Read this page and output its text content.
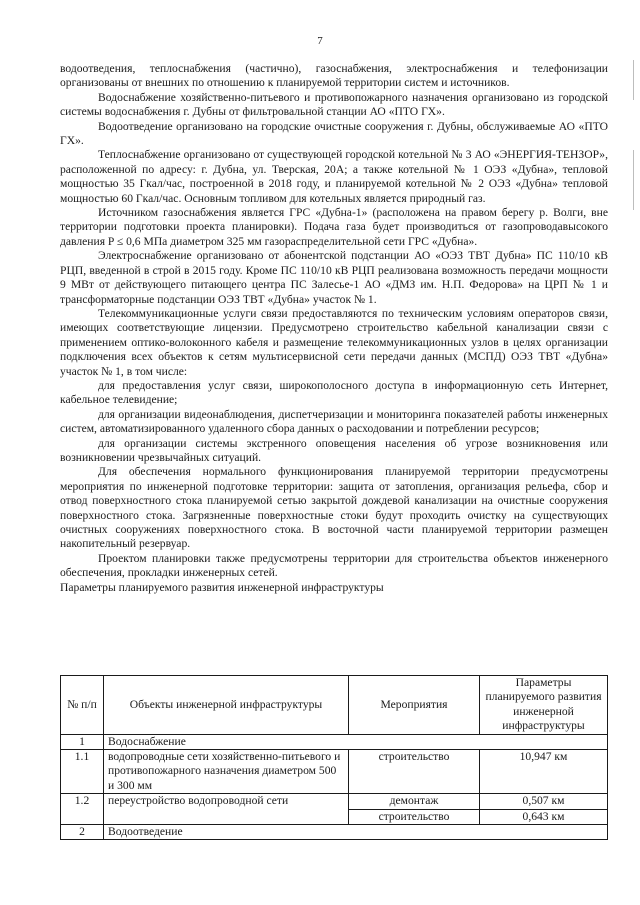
7

водоотведения, теплоснабжения (частично), газоснабжения, электроснабжения и телефонизации организованы от внешних по отношению к планируемой территории систем и источников.

Водоснабжение хозяйственно-питьевого и противопожарного назначения организовано из городской системы водоснабжения г. Дубны от фильтровальной станции АО «ПТО ГХ».

Водоотведение организовано на городские очистные сооружения г. Дубны, обслуживаемые АО «ПТО ГХ».

Теплоснабжение организовано от существующей городской котельной № 3 АО «ЭНЕРГИЯ-ТЕНЗОР», расположенной по адресу: г. Дубна, ул. Тверская, 20А; а также котельной № 1 ОЭЗ «Дубна», тепловой мощностью 35 Гкал/час, построенной в 2018 году, и планируемой котельной № 2 ОЭЗ «Дубна» тепловой мощностью 60 Гкал/час. Основным топливом для котельных является природный газ.

Источником газоснабжения является ГРС «Дубна-1» (расположена на правом берегу р. Волги, вне территории подготовки проекта планировки). Подача газа будет производиться от газопроводавысокого давления P ≤ 0,6 МПа диаметром 325 мм газораспределительной сети ГРС «Дубна».

Электроснабжение организовано от абонентской подстанции АО «ОЭЗ ТВТ Дубна» ПС 110/10 кВ РЦП, введенной в строй в 2015 году. Кроме ПС 110/10 кВ РЦП реализована возможность передачи мощности 9 МВт от действующего питающего центра ПС Залесье-1 АО «ДМЗ им. Н.П. Федорова» на ЦРП № 1 и трансформаторные подстанции ОЭЗ ТВТ «Дубна» участок № 1.

Телекоммуникационные услуги связи предоставляются по техническим условиям операторов связи, имеющих соответствующие лицензии. Предусмотрено строительство кабельной канализации связи с применением оптико-волоконного кабеля и размещение телекоммуникационных узлов в целях организации подключения всех объектов к сетям мультисервисной сети передачи данных (МСПД) ОЭЗ ТВТ «Дубна» участок № 1, в том числе:

для предоставления услуг связи, широкополосного доступа в информационную сеть Интернет, кабельное телевидение;

для организации видеонаблюдения, диспетчеризации и мониторинга показателей работы инженерных систем, автоматизированного удаленного сбора данных о расходовании и потреблении ресурсов;

для организации системы экстренного оповещения населения об угрозе возникновения или возникновении чрезвычайных ситуаций.

Для обеспечения нормального функционирования планируемой территории предусмотрены мероприятия по инженерной подготовке территории: защита от затопления, организация рельефа, сбор и отвод поверхностного стока планируемой сетью закрытой дождевой канализации на очистные сооружения поверхностного стока. Загрязненные поверхностные стоки будут проходить очистку на существующих очистных сооружениях поверхностного стока. В восточной части планируемой территории размещен накопительный резервуар.

Проектом планировки также предусмотрены территории для строительства объектов инженерного обеспечения, прокладки инженерных сетей.

Параметры планируемого развития инженерной инфраструктуры

№ п/п	Объекты инженерной инфраструктуры	Мероприятия	Параметры планируемого развития инженерной инфраструктуры
1	Водоснабжение		
1.1	водопроводные сети хозяйственно-питьевого и противопожарного назначения диаметром 500 и 300 мм	строительство	10,947 км
1.2	переустройство водопроводной сети	демонтаж	0,507 км
		строительство	0,643 км
2	Водоотведение		
